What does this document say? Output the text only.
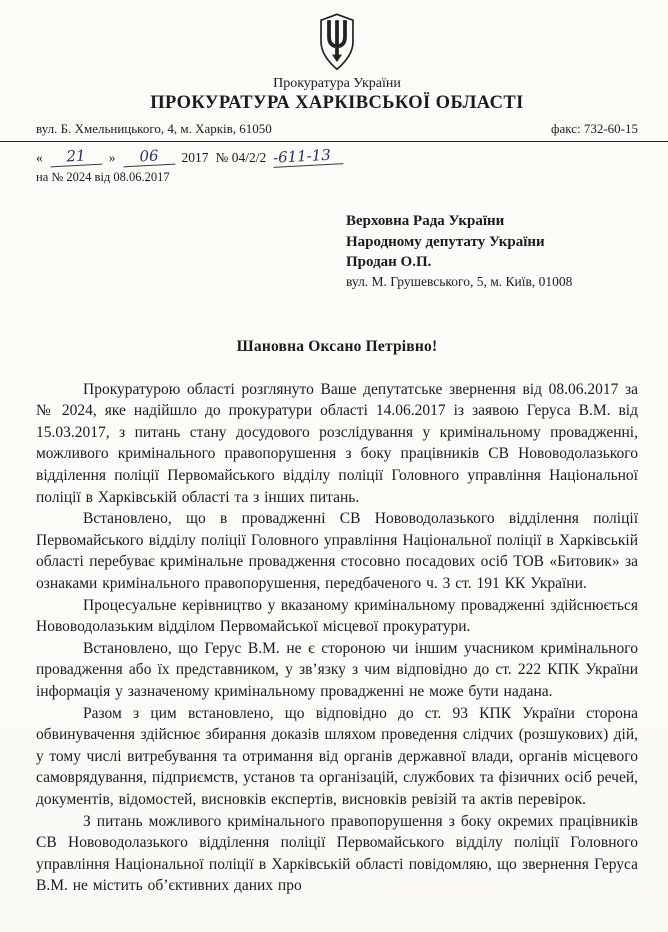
Прокуратура України
ПРОКУРАТУРА ХАРКІВСЬКОЇ ОБЛАСТІ
вул. Б. Хмельницького, 4, м. Харків, 61050	факс: 732-60-15
«	21	»	06	2017 № 04/2/2 -611-13
на № 2024 від 08.06.2017
Верховна Рада України
Народному депутату України
Продан О.П.
вул. М. Грушевського, 5, м. Київ, 01008
Шановна Оксано Петрівно!

Прокуратурою області розглянуто Ваше депутатське звернення від 08.06.2017 за № 2024, яке надійшло до прокуратури області 14.06.2017 із заявою Геруса В.М. від 15.03.2017, з питань стану досудового розслідування у кримінальному провадженні, можливого кримінального правопорушення з боку працівників СВ Нововодолазького відділення поліції Первомайського відділу поліції Головного управління Національної поліції в Харківській області та з інших питань.

Встановлено, що в провадженні СВ Нововодолазького відділення поліції Первомайського відділу поліції Головного управління Національної поліції в Харківській області перебуває кримінальне провадження стосовно посадових осіб ТОВ «Битовик» за ознаками кримінального правопорушення, передбаченого ч. 3 ст. 191 КК України.

Процесуальне керівництво у вказаному кримінальному провадженні здійснюється Нововодолазьким відділом Первомайської місцевої прокуратури.

Встановлено, що Герус В.М. не є стороною чи іншим учасником кримінального провадження або їх представником, у зв’язку з чим відповідно до ст. 222 КПК України інформація у зазначеному кримінальному провадженні не може бути надана.

Разом з цим встановлено, що відповідно до ст. 93 КПК України сторона обвинувачення здійснює збирання доказів шляхом проведення слідчих (розшукових) дій, у тому числі витребування та отримання від органів державної влади, органів місцевого самоврядування, підприємств, установ та організацій, службових та фізичних осіб речей, документів, відомостей, висновків експертів, висновків ревізій та актів перевірок.

З питань можливого кримінального правопорушення з боку окремих працівників СВ Нововодолазького відділення поліції Первомайського відділу поліції Головного управління Національної поліції в Харківській області повідомляю, що звернення Геруса В.М. не містить об’єктивних даних про
